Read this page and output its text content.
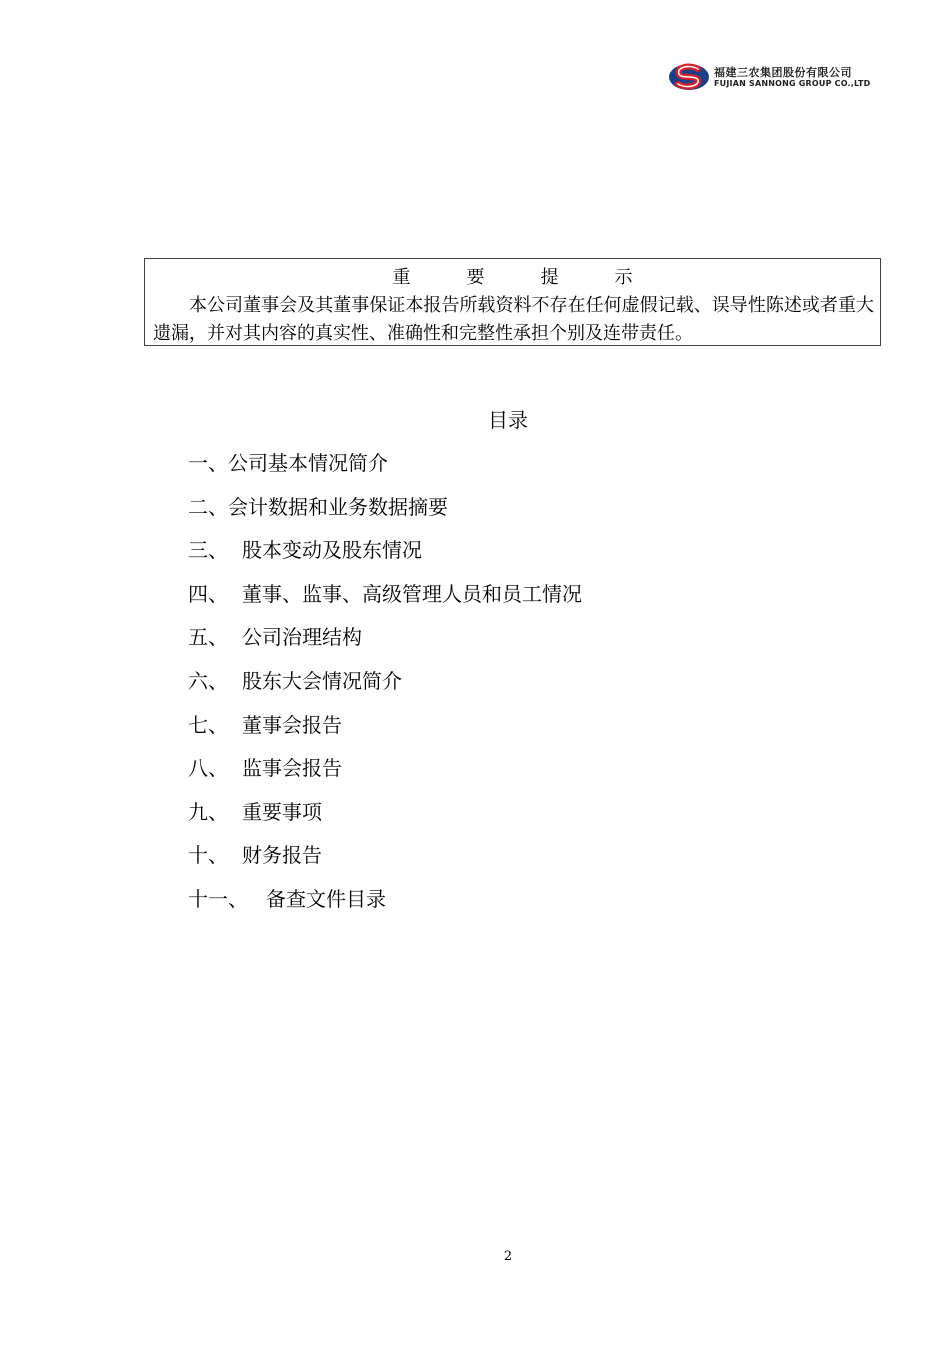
福建三农集团股份有限公司
FUJIAN SANNONG GROUP CO.,LTD
重	要	提	示
本公司董事会及其董事保证本报告所载资料不存在任何虚假记载、误导性陈述或者重大遗漏，并对其内容的真实性、准确性和完整性承担个别及连带责任。
目录
一、公司基本情况简介
二、会计数据和业务数据摘要
三、 股本变动及股东情况
四、 董事、监事、高级管理人员和员工情况
五、 公司治理结构
六、 股东大会情况简介
七、 董事会报告
八、 监事会报告
九、 重要事项
十、 财务报告
十一、 备查文件目录
2
